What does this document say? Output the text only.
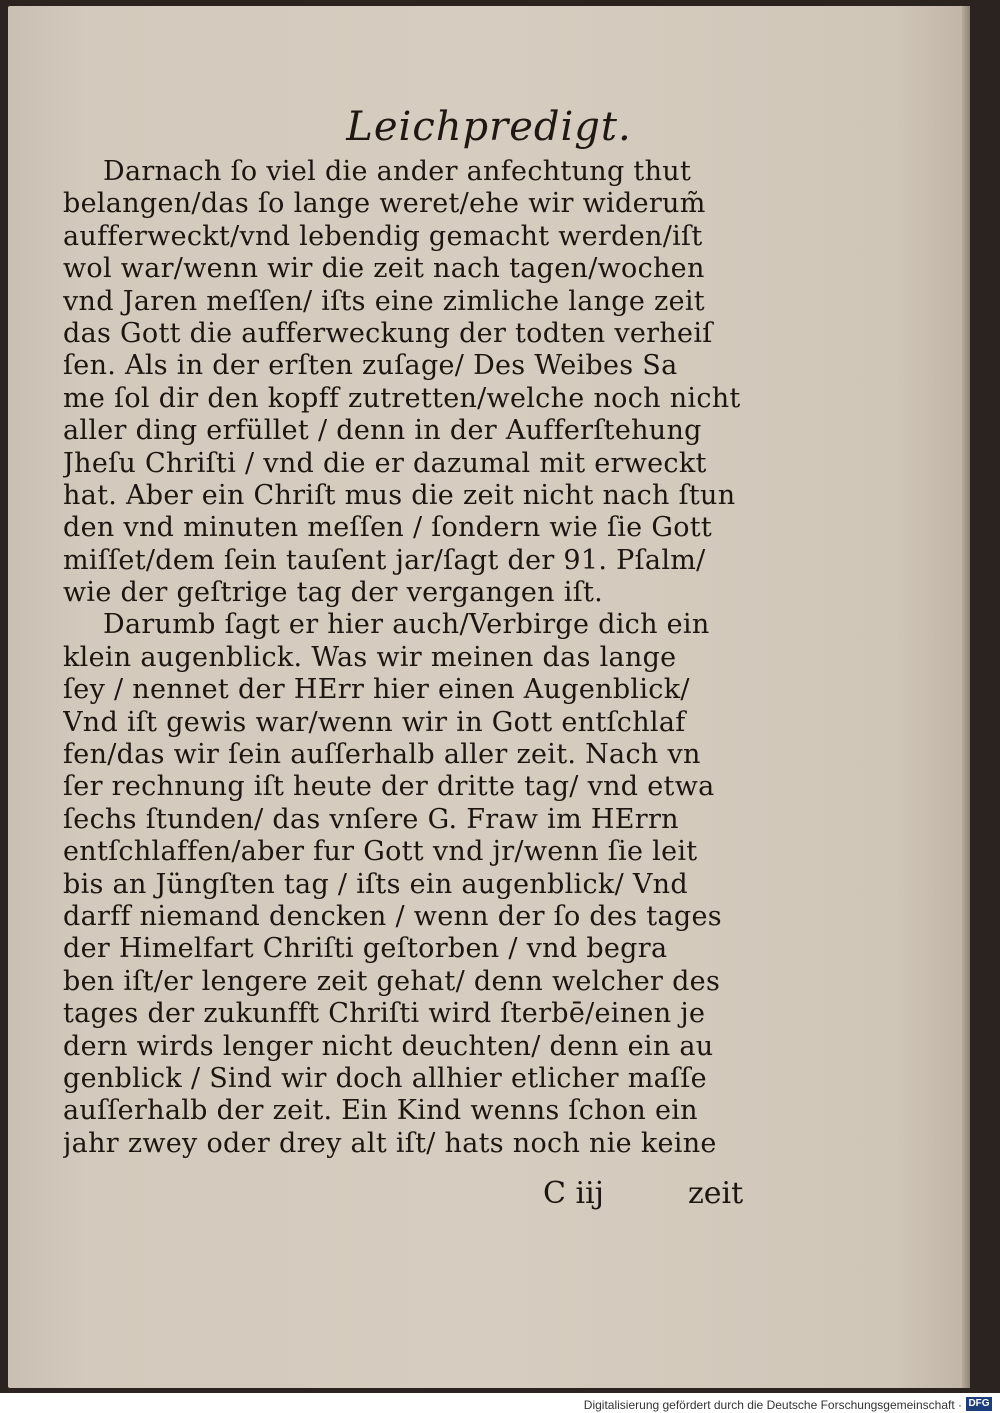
Leichpredigt.
Darnach ſo viel die ander anfechtung thut
belangen/das ſo lange weret/ehe wir widerum̃
aufferweckt/vnd lebendig gemacht werden/iſt
wol war/wenn wir die zeit nach tagen/wochen
vnd Jaren meſſen/ iſts eine zimliche lange zeit
das Gott die aufferweckung der todten verheiſ
ſen. Als in der erſten zuſage/ Des Weibes Sa
me ſol dir den kopff zutretten/welche noch nicht
aller ding erfüllet / denn in der Aufferſtehung
Jheſu Chriſti / vnd die er dazumal mit erweckt
hat. Aber ein Chriſt mus die zeit nicht nach ſtun
den vnd minuten meſſen / ſondern wie ſie Gott
miſſet/dem ſein tauſent jar/ſagt der 91. Pſalm/
wie der geſtrige tag der vergangen iſt.
Darumb ſagt er hier auch/Verbirge dich ein
klein augenblick. Was wir meinen das lange
ſey / nennet der HErr hier einen Augenblick/
Vnd iſt gewis war/wenn wir in Gott entſchlaf
fen/das wir ſein auſſerhalb aller zeit. Nach vn
ſer rechnung iſt heute der dritte tag/ vnd etwa
ſechs ſtunden/ das vnſere G. Fraw im HErrn
entſchlaffen/aber fur Gott vnd jr/wenn ſie leit
bis an Jüngſten tag / iſts ein augenblick/ Vnd
darff niemand dencken / wenn der ſo des tages
der Himelfart Chriſti geſtorben / vnd begra
ben iſt/er lengere zeit gehat/ denn welcher des
tages der zukunfft Chriſti wird ſterbē/einen je
dern wirds lenger nicht deuchten/ denn ein au
genblick / Sind wir doch allhier etlicher maſſe
auſſerhalb der zeit. Ein Kind wenns ſchon ein
jahr zwey oder drey alt iſt/ hats noch nie keine
C iij	zeit
Digitalisierung gefördert durch die Deutsche Forschungsgemeinschaft · DFG
